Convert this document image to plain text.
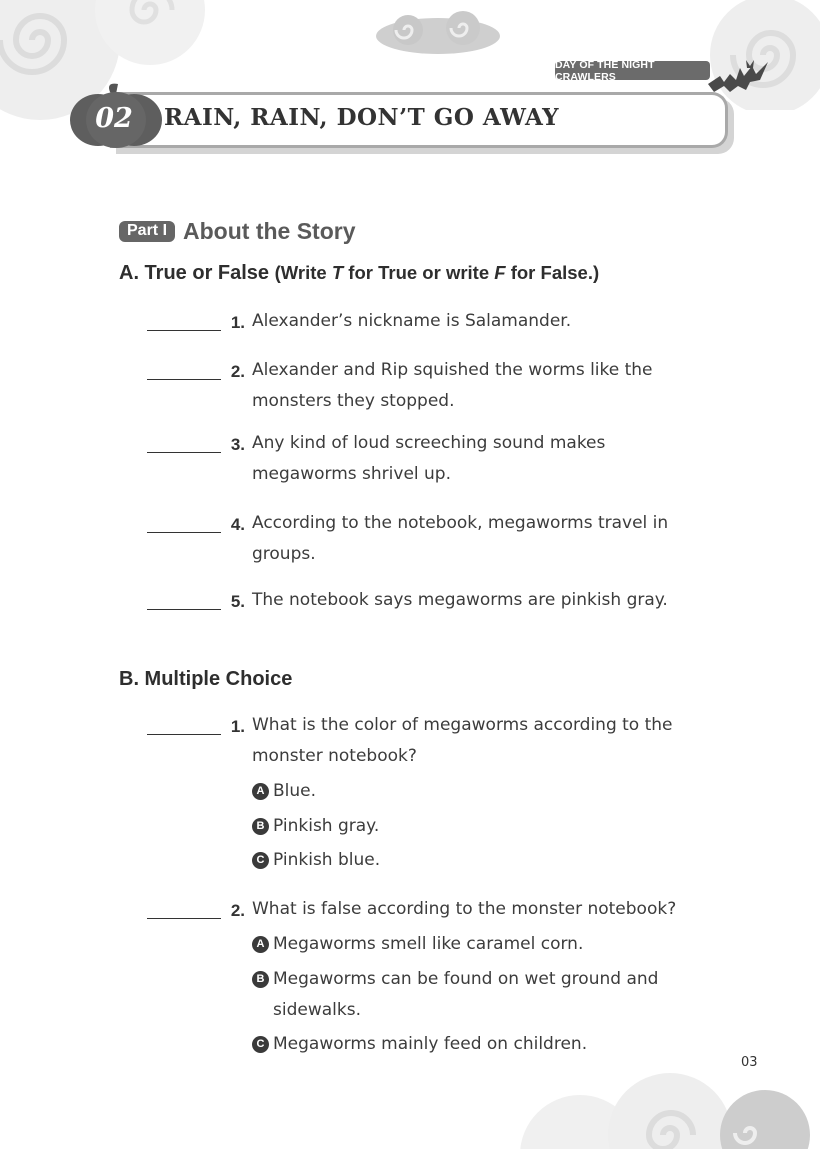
DAY OF THE NIGHT CRAWLERS
02	RAIN, RAIN, DON’T GO AWAY
Part I About the Story
A. True or False (Write T for True or write F for False.)
1. Alexander’s nickname is Salamander.
2. Alexander and Rip squished the worms like the monsters they stopped.
3. Any kind of loud screeching sound makes megaworms shrivel up.
4. According to the notebook, megaworms travel in groups.
5. The notebook says megaworms are pinkish gray.
B. Multiple Choice
1. What is the color of megaworms according to the monster notebook?
A Blue.
B Pinkish gray.
C Pinkish blue.
2. What is false according to the monster notebook?
A Megaworms smell like caramel corn.
B Megaworms can be found on wet ground and sidewalks.
C Megaworms mainly feed on children.
03
